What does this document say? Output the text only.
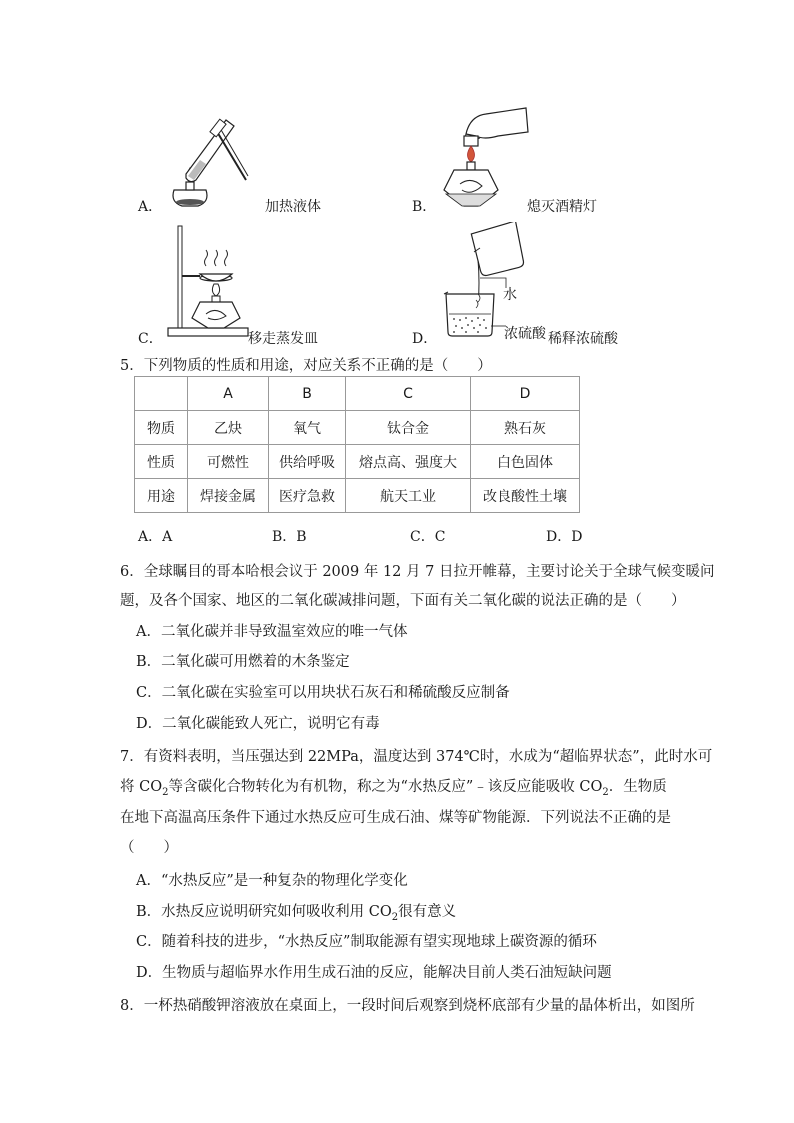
A．	加热液体	B．	熄灭酒精灯
C．	移走蒸发皿
水
浓硫酸
D．	稀释浓硫酸
5．下列物质的性质和用途，对应关系不正确的是（　　）
	A	B	C	D
物质	乙炔	氧气	钛合金	熟石灰
性质	可燃性	供给呼吸	熔点高、强度大	白色固体
用途	焊接金属	医疗急救	航天工业	改良酸性土壤
A．A	B．B	C．C	D．D
6．全球瞩目的哥本哈根会议于 2009 年 12 月 7 日拉开帷幕，主要讨论关于全球气候变暖问
题，及各个国家、地区的二氧化碳减排问题，下面有关二氧化碳的说法正确的是（　　）
A．二氧化碳并非导致温室效应的唯一气体
B．二氧化碳可用燃着的木条鉴定
C．二氧化碳在实验室可以用块状石灰石和稀硫酸反应制备
D．二氧化碳能致人死亡，说明它有毒
7．有资料表明，当压强达到 22MPa，温度达到 374℃时，水成为“超临界状态”，此时水可
将 $CO_2$等含碳化合物转化为有机物，称之为“水热反应”﹣该反应能吸收 $CO_2$．生物质
在地下高温高压条件下通过水热反应可生成石油、煤等矿物能源．下列说法不正确的是
（　　）
A．“水热反应”是一种复杂的物理化学变化
B．水热反应说明研究如何吸收利用 $CO_2$很有意义
C．随着科技的进步，“水热反应”制取能源有望实现地球上碳资源的循环
D．生物质与超临界水作用生成石油的反应，能解决目前人类石油短缺问题
8．一杯热硝酸钾溶液放在桌面上，一段时间后观察到烧杯底部有少量的晶体析出，如图所
